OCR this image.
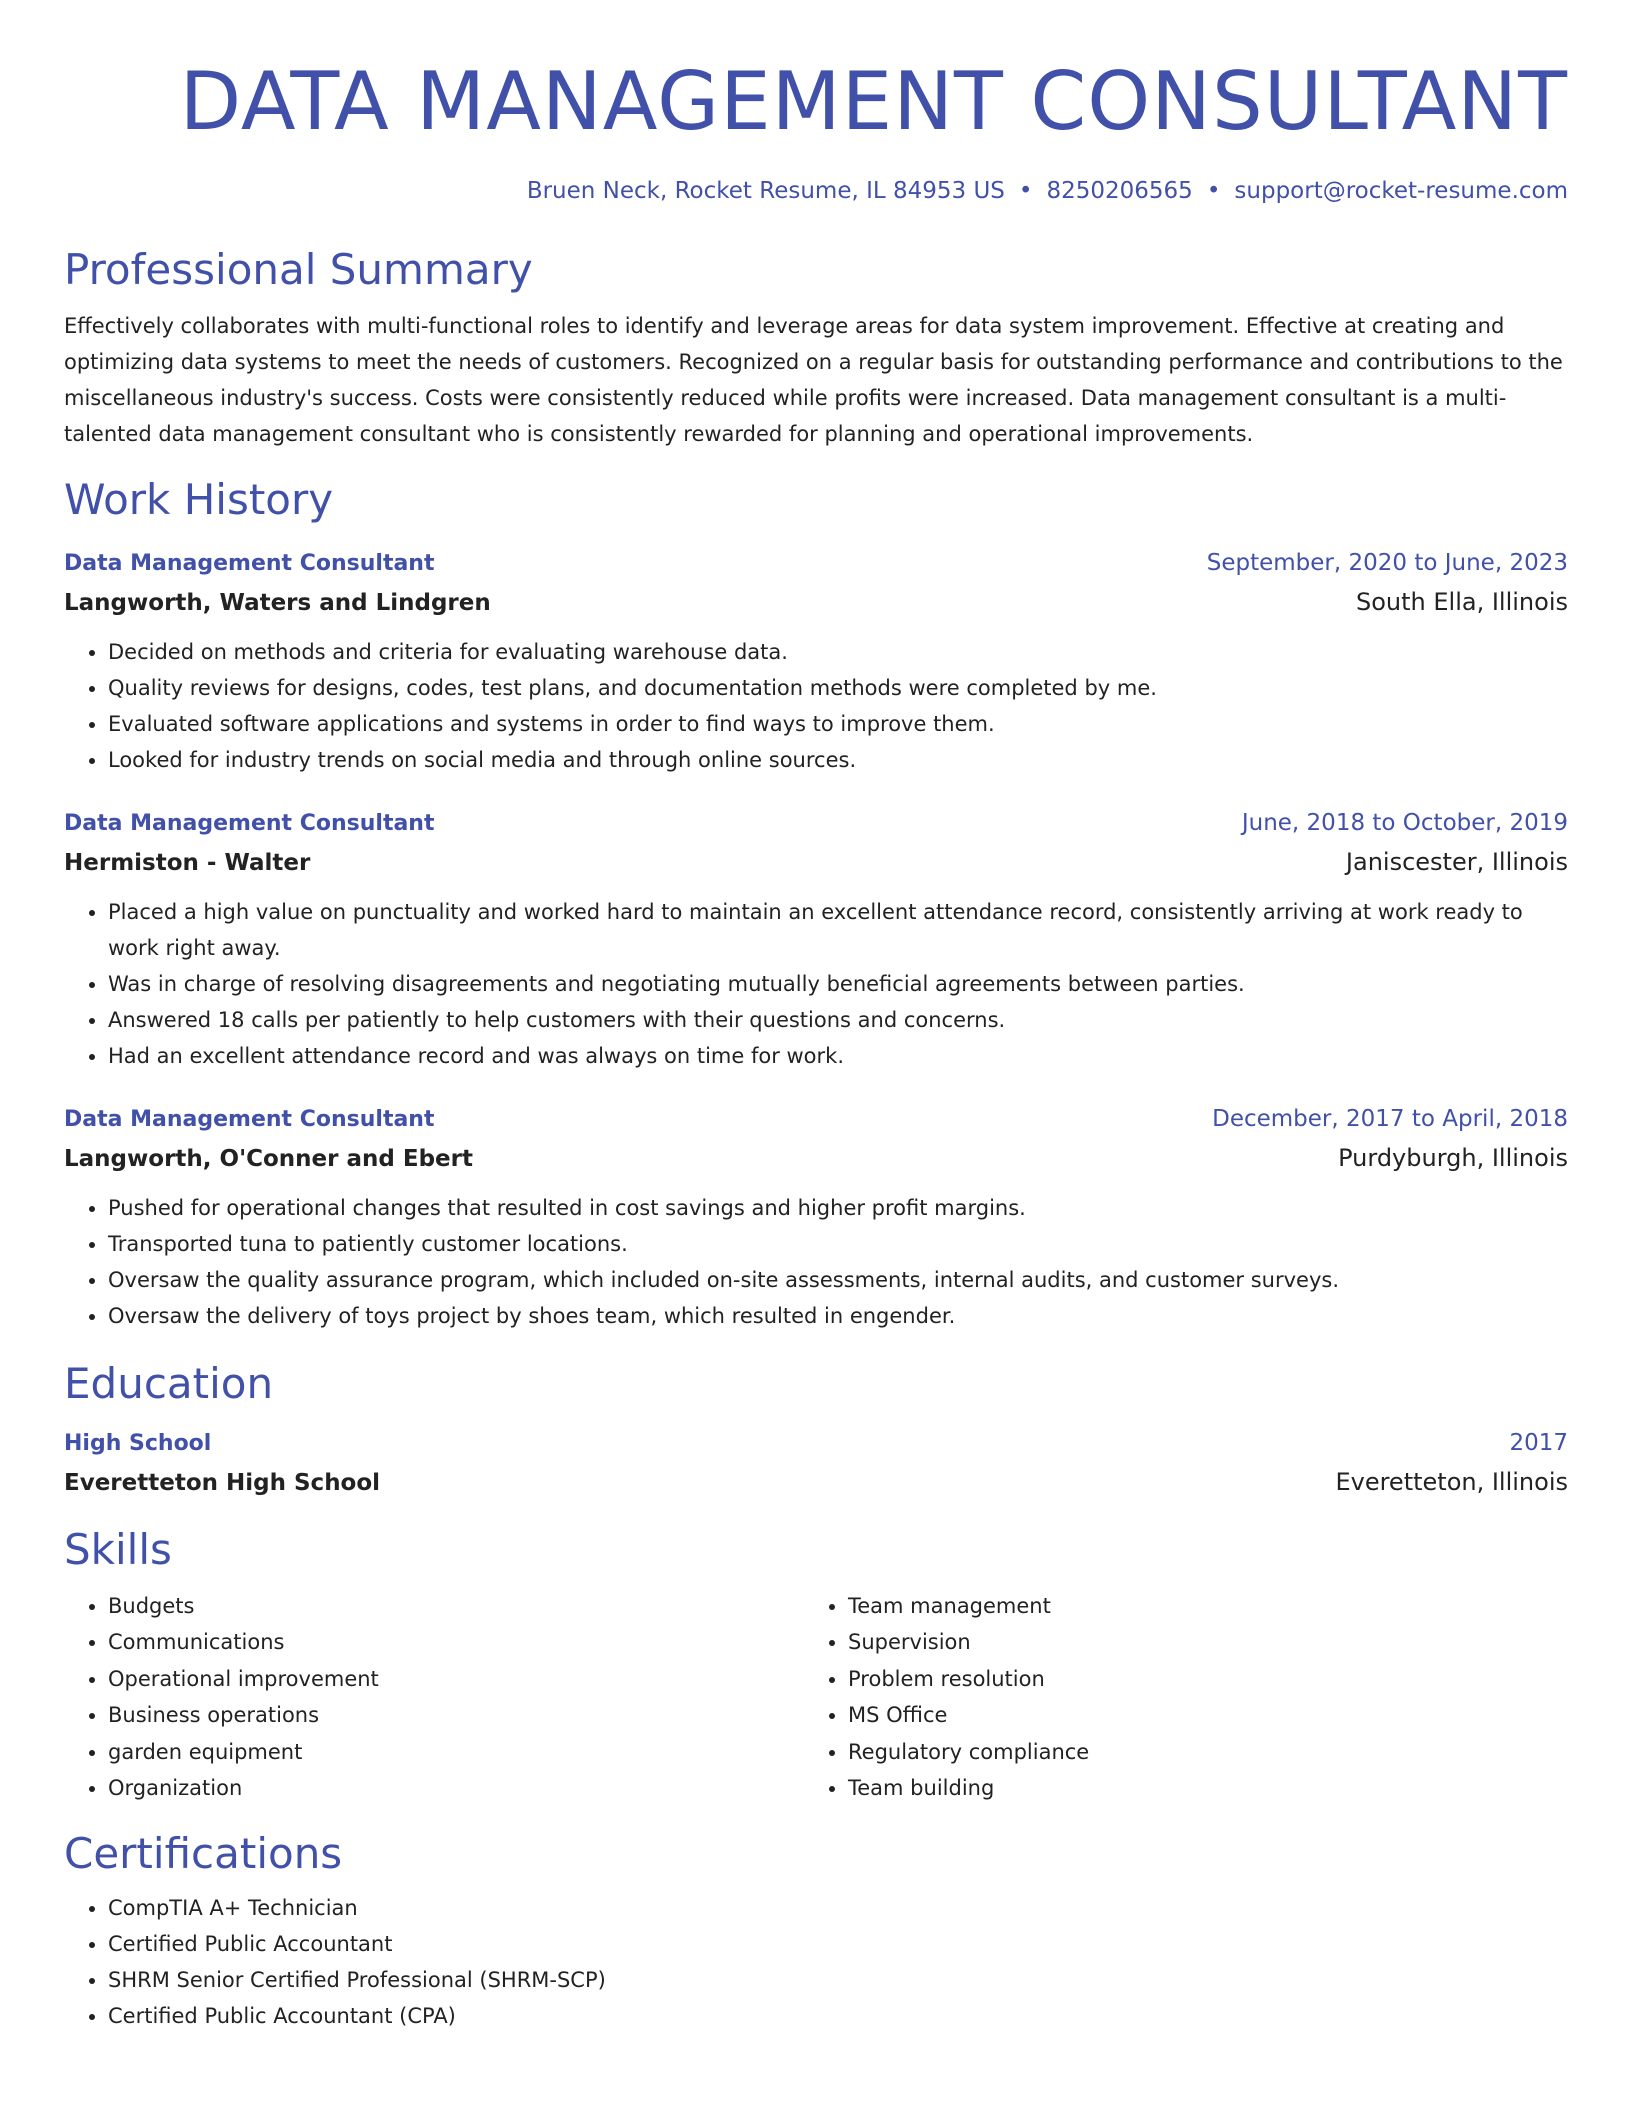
DATA MANAGEMENT CONSULTANT
Bruen Neck, Rocket Resume, IL 84953 US • 8250206565 • support@rocket-resume.com
Professional Summary

Effectively collaborates with multi-functional roles to identify and leverage areas for data system improvement. Effective at creating and optimizing data systems to meet the needs of customers. Recognized on a regular basis for outstanding performance and contributions to the miscellaneous industry's success. Costs were consistently reduced while profits were increased. Data management consultant is a multi-talented data management consultant who is consistently rewarded for planning and operational improvements.

Work History
Data Management Consultant	September, 2020 to June, 2023
Langworth, Waters and Lindgren	South Ella, Illinois
• Decided on methods and criteria for evaluating warehouse data.
• Quality reviews for designs, codes, test plans, and documentation methods were completed by me.
• Evaluated software applications and systems in order to find ways to improve them.
• Looked for industry trends on social media and through online sources.
Data Management Consultant	June, 2018 to October, 2019
Hermiston - Walter	Janiscester, Illinois
• Placed a high value on punctuality and worked hard to maintain an excellent attendance record, consistently arriving at work ready to work right away.
• Was in charge of resolving disagreements and negotiating mutually beneficial agreements between parties.
• Answered 18 calls per patiently to help customers with their questions and concerns.
• Had an excellent attendance record and was always on time for work.
Data Management Consultant	December, 2017 to April, 2018
Langworth, O'Conner and Ebert	Purdyburgh, Illinois
• Pushed for operational changes that resulted in cost savings and higher profit margins.
• Transported tuna to patiently customer locations.
• Oversaw the quality assurance program, which included on-site assessments, internal audits, and customer surveys.
• Oversaw the delivery of toys project by shoes team, which resulted in engender.
Education
High School	2017
Everetteton High School	Everetteton, Illinois
Skills
• Budgets
• Communications
• Operational improvement
• Business operations
• garden equipment
• Organization
• Team management
• Supervision
• Problem resolution
• MS Office
• Regulatory compliance
• Team building
Certifications
• CompTIA A+ Technician
• Certified Public Accountant
• SHRM Senior Certified Professional (SHRM-SCP)
• Certified Public Accountant (CPA)
